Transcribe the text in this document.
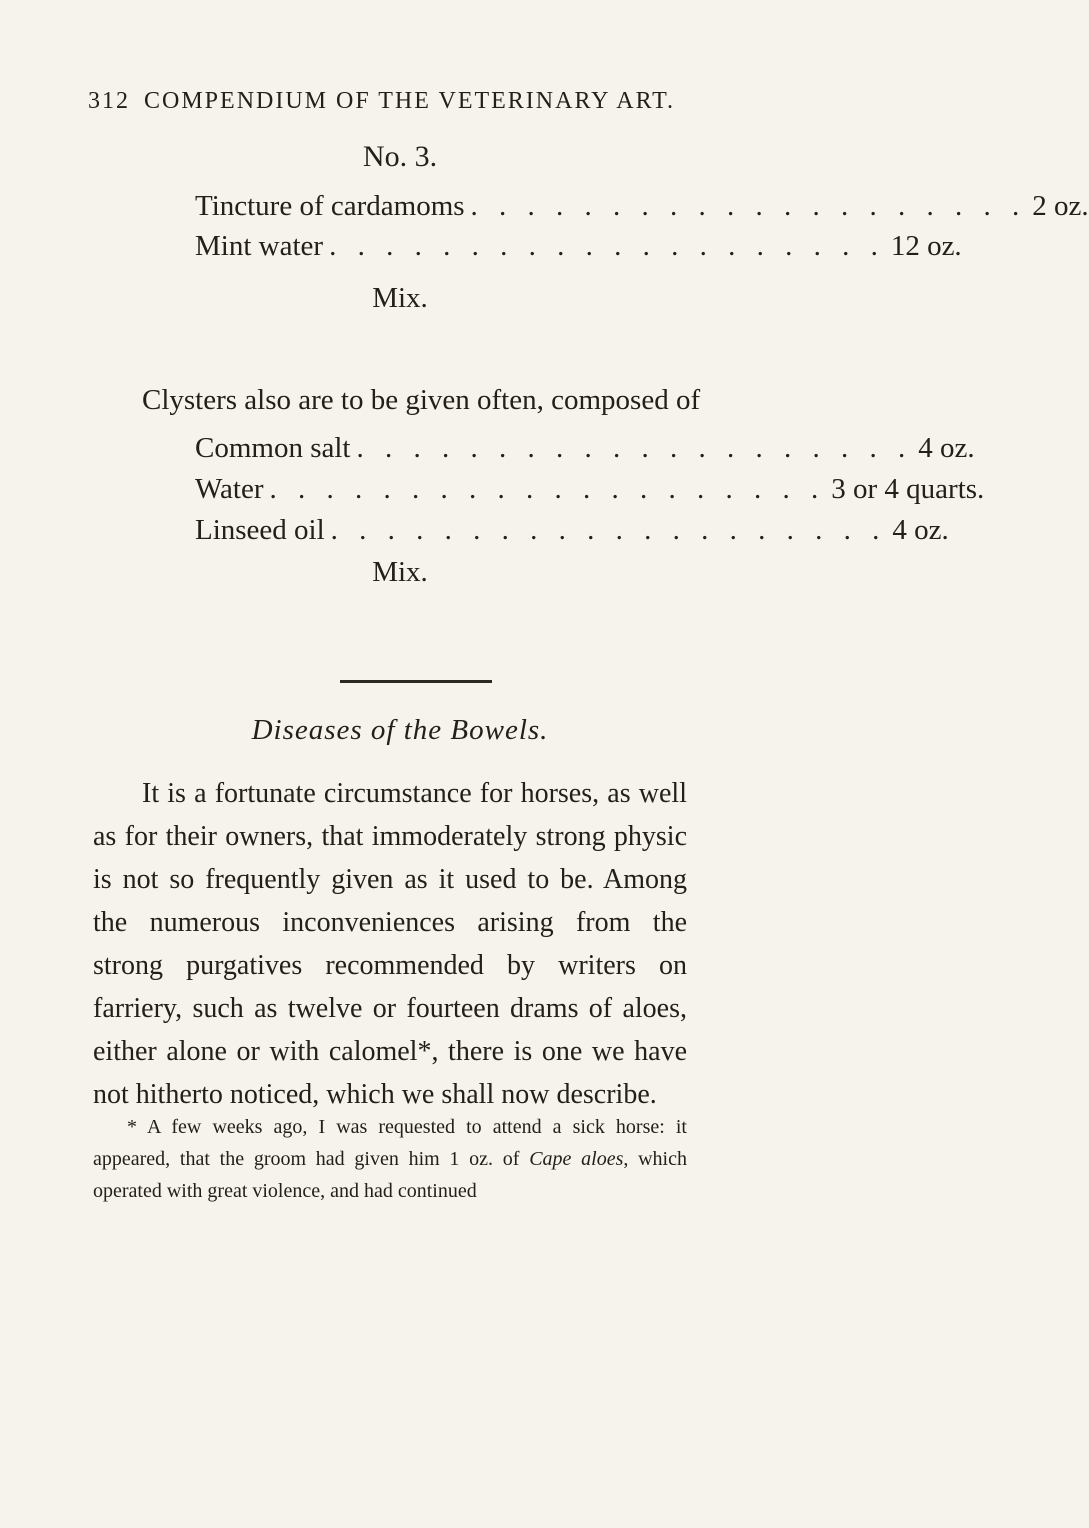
312 COMPENDIUM OF THE VETERINARY ART.
No. 3.
Tincture of cardamoms . . . . . . . . . . . . . . . . . . . . 2 oz.
Mint water . . . . . . . . . . . . . . . . . . . . 12 oz.
Mix.
Clysters also are to be given often, composed of
Common salt . . . . . . . . . . . . . . . . . . . . 4 oz.
Water . . . . . . . . . . . . . . . . . . . . 3 or 4 quarts.
Linseed oil . . . . . . . . . . . . . . . . . . . . 4 oz.
Mix.
Diseases of the Bowels.
It is a fortunate circumstance for horses, as well as for their owners, that immoderately strong physic is not so frequently given as it used to be. Among the numerous inconveniences arising from the strong purgatives recommended by writers on farriery, such as twelve or fourteen drams of aloes, either alone or with calomel*, there is one we have not hitherto noticed, which we shall now describe.
* A few weeks ago, I was requested to attend a sick horse: it appeared, that the groom had given him 1 oz. of Cape aloes, which operated with great violence, and had continued
